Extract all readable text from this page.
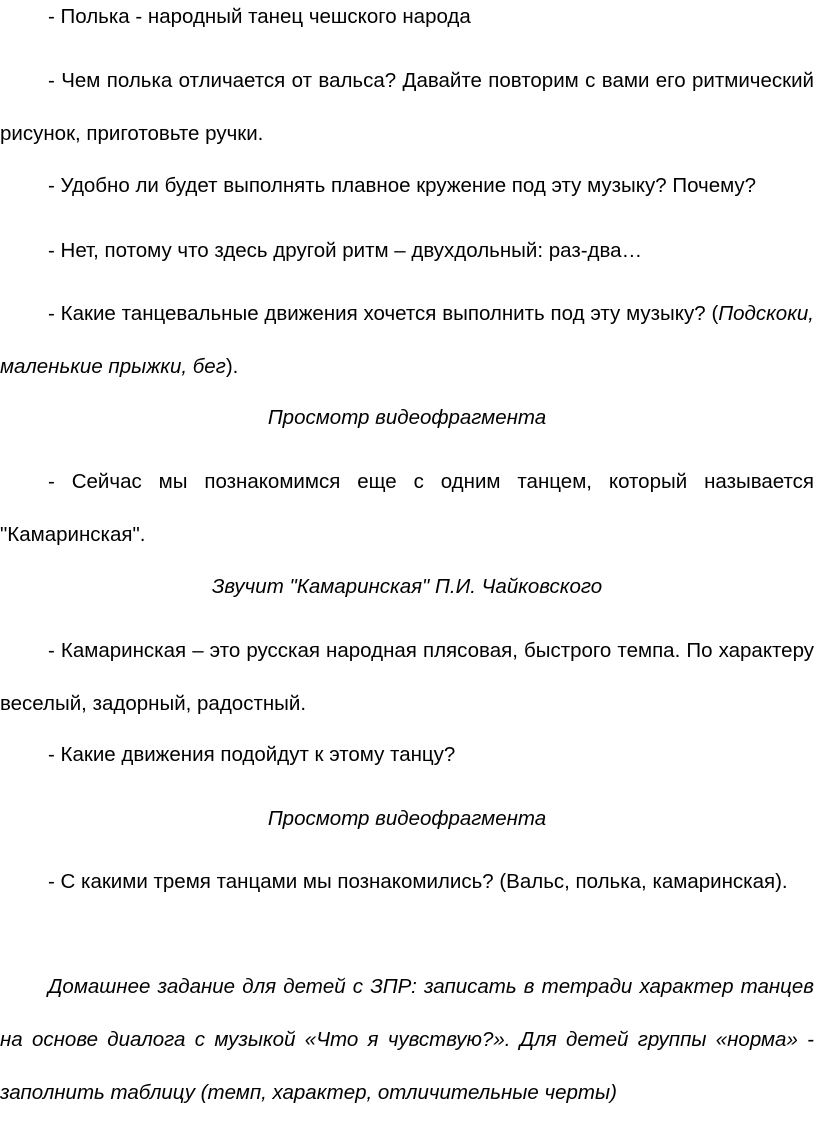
- Полька - народный танец чешского народа

- Чем полька отличается от вальса? Давайте повторим с вами его ритмический рисунок, приготовьте ручки.

- Удобно ли будет выполнять плавное кружение под эту музыку? Почему?

- Нет, потому что здесь другой ритм – двухдольный: раз-два…

- Какие танцевальные движения хочется выполнить под эту музыку? (Подскоки, маленькие прыжки, бег).

Просмотр видеофрагмента

- Сейчас мы познакомимся еще с одним танцем, который называется "Камаринская".

Звучит "Камаринская" П.И. Чайковского

- Камаринская – это русская народная плясовая, быстрого темпа. По характеру веселый, задорный, радостный.

- Какие движения подойдут к этому танцу?

Просмотр видеофрагмента

- С какими тремя танцами мы познакомились? (Вальс, полька, камаринская).

Домашнее задание для детей с ЗПР: записать в тетради характер танцев на основе диалога с музыкой «Что я чувствую?». Для детей группы «норма» - заполнить таблицу (темп, характер, отличительные черты)
